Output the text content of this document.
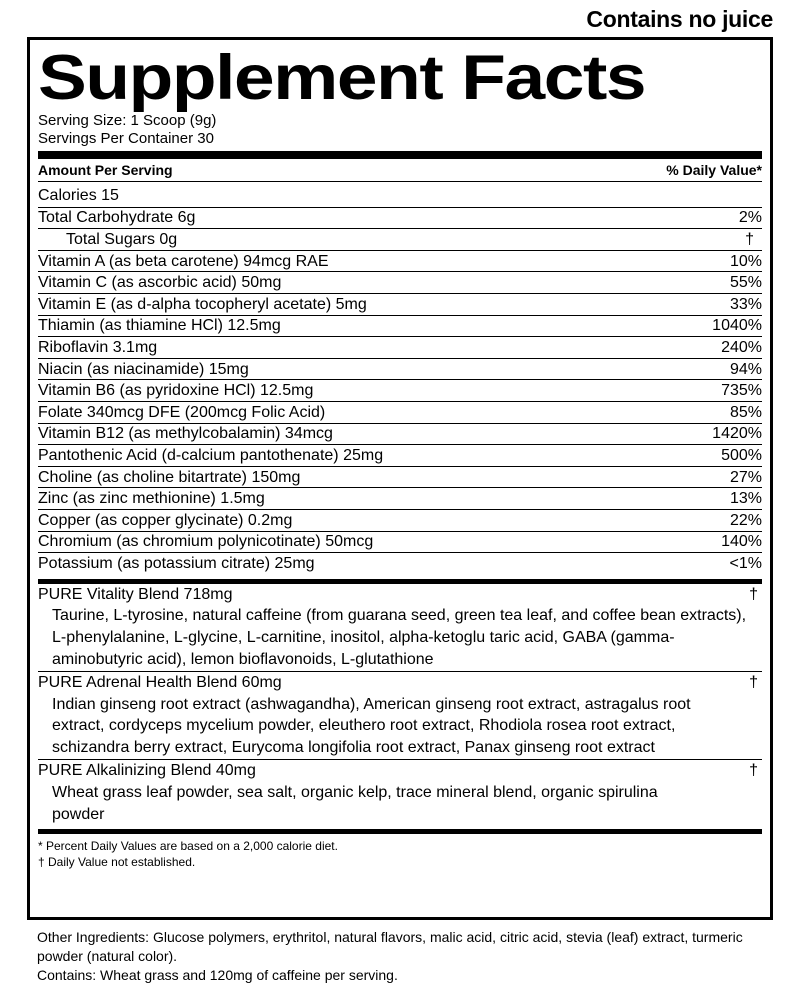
Contains no juice
Supplement Facts
Serving Size: 1 Scoop (9g)
Servings Per Container 30
Amount Per Serving	% Daily Value*
Calories 15
Total Carbohydrate 6g	2%
Total Sugars 0g	†
Vitamin A (as beta carotene) 94mcg RAE	10%
Vitamin C (as ascorbic acid) 50mg	55%
Vitamin E (as d-alpha tocopheryl acetate) 5mg	33%
Thiamin (as thiamine HCl) 12.5mg	1040%
Riboflavin 3.1mg	240%
Niacin (as niacinamide) 15mg	94%
Vitamin B6 (as pyridoxine HCl) 12.5mg	735%
Folate 340mcg DFE (200mcg Folic Acid)	85%
Vitamin B12 (as methylcobalamin) 34mcg	1420%
Pantothenic Acid (d-calcium pantothenate) 25mg	500%
Choline (as choline bitartrate) 150mg	27%
Zinc (as zinc methionine) 1.5mg	13%
Copper (as copper glycinate) 0.2mg	22%
Chromium (as chromium polynicotinate) 50mcg	140%
Potassium (as potassium citrate) 25mg	<1%
PURE Vitality Blend 718mg	†
Taurine, L-tyrosine, natural caffeine (from guarana seed, green tea leaf, and coffee bean extracts), L-phenylalanine, L-glycine, L-carnitine, inositol, alpha-ketoglu taric acid, GABA (gamma-aminobutyric acid), lemon bioflavonoids, L-glutathione
PURE Adrenal Health Blend 60mg	†
Indian ginseng root extract (ashwagandha), American ginseng root extract, astragalus root extract, cordyceps mycelium powder, eleuthero root extract, Rhodiola rosea root extract, schizandra berry extract, Eurycoma longifolia root extract, Panax ginseng root extract
PURE Alkalinizing Blend 40mg	†
Wheat grass leaf powder, sea salt, organic kelp, trace mineral blend, organic spirulina powder
* Percent Daily Values are based on a 2,000 calorie diet.
† Daily Value not established.
Other Ingredients: Glucose polymers, erythritol, natural flavors, malic acid, citric acid, stevia (leaf) extract, turmeric powder (natural color).
Contains: Wheat grass and 120mg of caffeine per serving.
